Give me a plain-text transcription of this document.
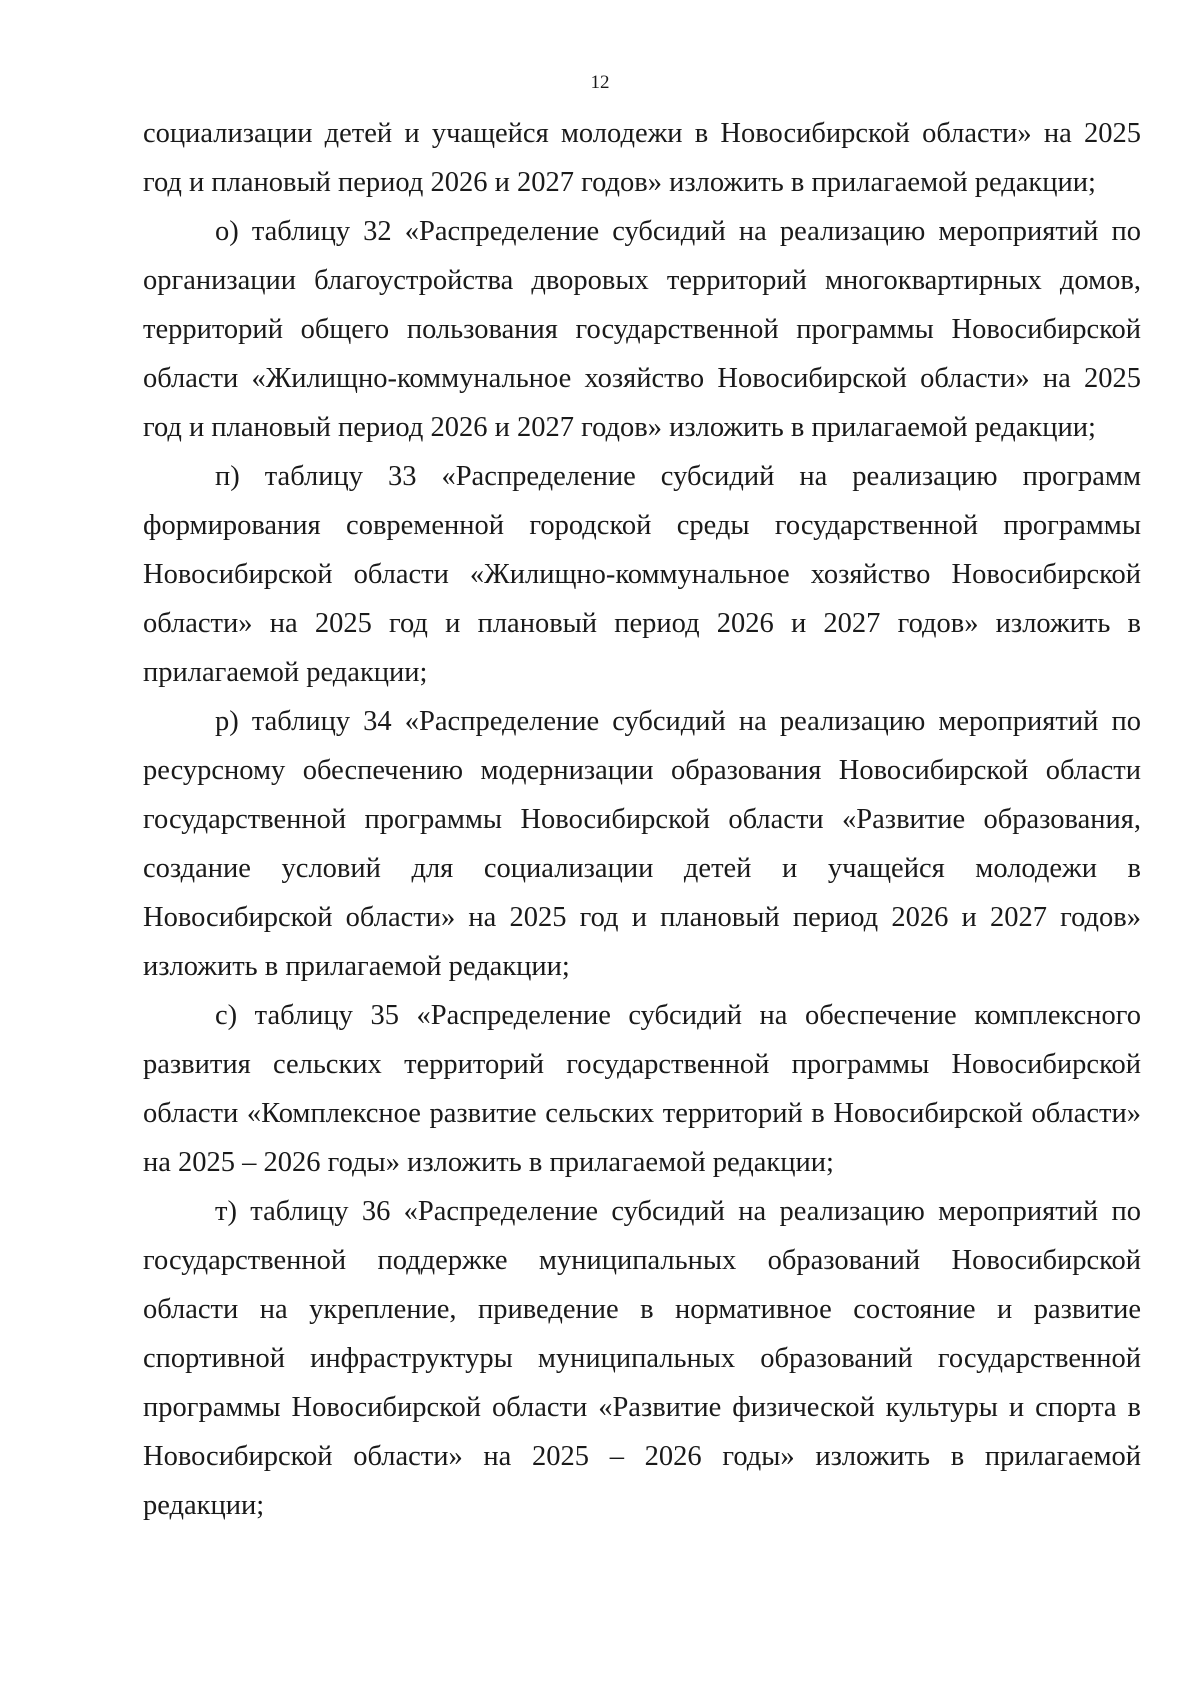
12

социализации детей и учащейся молодежи в Новосибирской области» на 2025 год и плановый период 2026 и 2027 годов» изложить в прилагаемой редакции;

о) таблицу 32 «Распределение субсидий на реализацию мероприятий по организации благоустройства дворовых территорий многоквартирных домов, территорий общего пользования государственной программы Новосибирской области «Жилищно-коммунальное хозяйство Новосибирской области» на 2025 год и плановый период 2026 и 2027 годов» изложить в прилагаемой редакции;

п) таблицу 33 «Распределение субсидий на реализацию программ формирования современной городской среды государственной программы Новосибирской области «Жилищно-коммунальное хозяйство Новосибирской области» на 2025 год и плановый период 2026 и 2027 годов» изложить в прилагаемой редакции;

р) таблицу 34 «Распределение субсидий на реализацию мероприятий по ресурсному обеспечению модернизации образования Новосибирской области государственной программы Новосибирской области «Развитие образования, создание условий для социализации детей и учащейся молодежи в Новосибирской области» на 2025 год и плановый период 2026 и 2027 годов» изложить в прилагаемой редакции;

с) таблицу 35 «Распределение субсидий на обеспечение комплексного развития сельских территорий государственной программы Новосибирской области «Комплексное развитие сельских территорий в Новосибирской области» на 2025 – 2026 годы» изложить в прилагаемой редакции;

т) таблицу 36 «Распределение субсидий на реализацию мероприятий по государственной поддержке муниципальных образований Новосибирской области на укрепление, приведение в нормативное состояние и развитие спортивной инфраструктуры муниципальных образований государственной программы Новосибирской области «Развитие физической культуры и спорта в Новосибирской области» на 2025 – 2026 годы» изложить в прилагаемой редакции;
